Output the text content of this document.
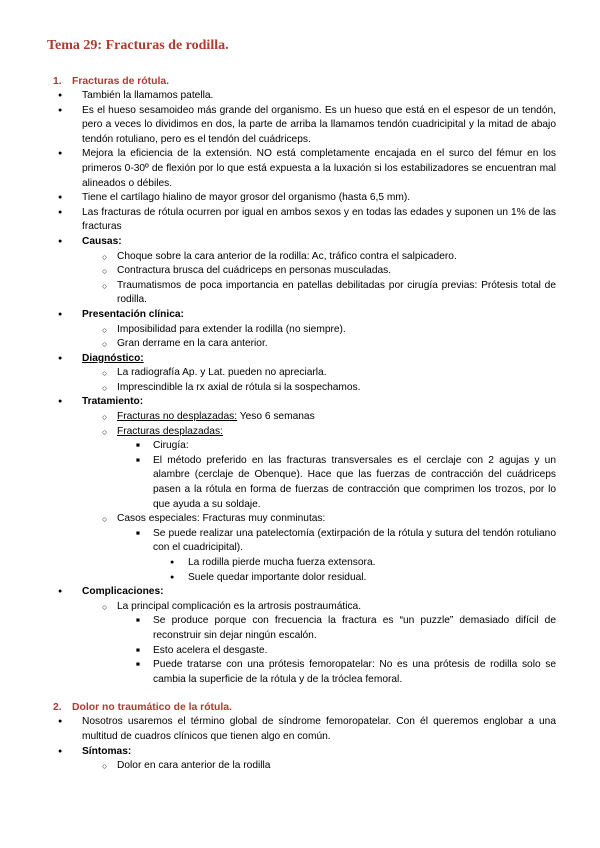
Tema 29: Fracturas de rodilla.
1. Fracturas de rótula.
● También la llamamos patella.
● Es el hueso sesamoideo más grande del organismo. Es un hueso que está en el espesor de un tendón, pero a veces lo dividimos en dos, la parte de arriba la llamamos tendón cuadricipital y la mitad de abajo tendón rotuliano, pero es el tendón del cuádriceps.
● Mejora la eficiencia de la extensión. NO está completamente encajada en el surco del fémur en los primeros 0-30º de flexión por lo que está expuesta a la luxación si los estabilizadores se encuentran mal alineados o débiles.
● Tiene el cartílago hialino de mayor grosor del organismo (hasta 6,5 mm).
● Las fracturas de rótula ocurren por igual en ambos sexos y en todas las edades y suponen un 1% de las fracturas
● Causas:
○ Choque sobre la cara anterior de la rodilla: Ac, tráfico contra el salpicadero.
○ Contractura brusca del cuádriceps en personas musculadas.
○ Traumatismos de poca importancia en patellas debilitadas por cirugía previas: Prótesis total de rodilla.
● Presentación clínica:
○ Imposibilidad para extender la rodilla (no siempre).
○ Gran derrame en la cara anterior.
● Diagnóstico:
○ La radiografía Ap. y Lat. pueden no apreciarla.
○ Imprescindible la rx axial de rótula si la sospechamos.
● Tratamiento:
○ Fracturas no desplazadas: Yeso 6 semanas
○ Fracturas desplazadas:
■ Cirugía:
■ El método preferido en las fracturas transversales es el cerclaje con 2 agujas y un alambre (cerclaje de Obenque). Hace que las fuerzas de contracción del cuádriceps pasen a la rótula en forma de fuerzas de contracción que comprimen los trozos, por lo que ayuda a su soldaje.
○ Casos especiales: Fracturas muy conminutas:
■ Se puede realizar una patelectomía (extirpación de la rótula y sutura del tendón rotuliano con el cuadricipital).
● La rodilla pierde mucha fuerza extensora.
● Suele quedar importante dolor residual.
● Complicaciones:
○ La principal complicación es la artrosis postraumática.
■ Se produce porque con frecuencia la fractura es “un puzzle” demasiado difícil de reconstruir sin dejar ningún escalón.
■ Esto acelera el desgaste.
■ Puede tratarse con una prótesis femoropatelar: No es una prótesis de rodilla solo se cambia la superficie de la rótula y de la tróclea femoral.
2. Dolor no traumático de la rótula.
● Nosotros usaremos el término global de síndrome femoropatelar. Con él queremos englobar a una multitud de cuadros clínicos que tienen algo en común.
● Síntomas:
○ Dolor en cara anterior de la rodilla
